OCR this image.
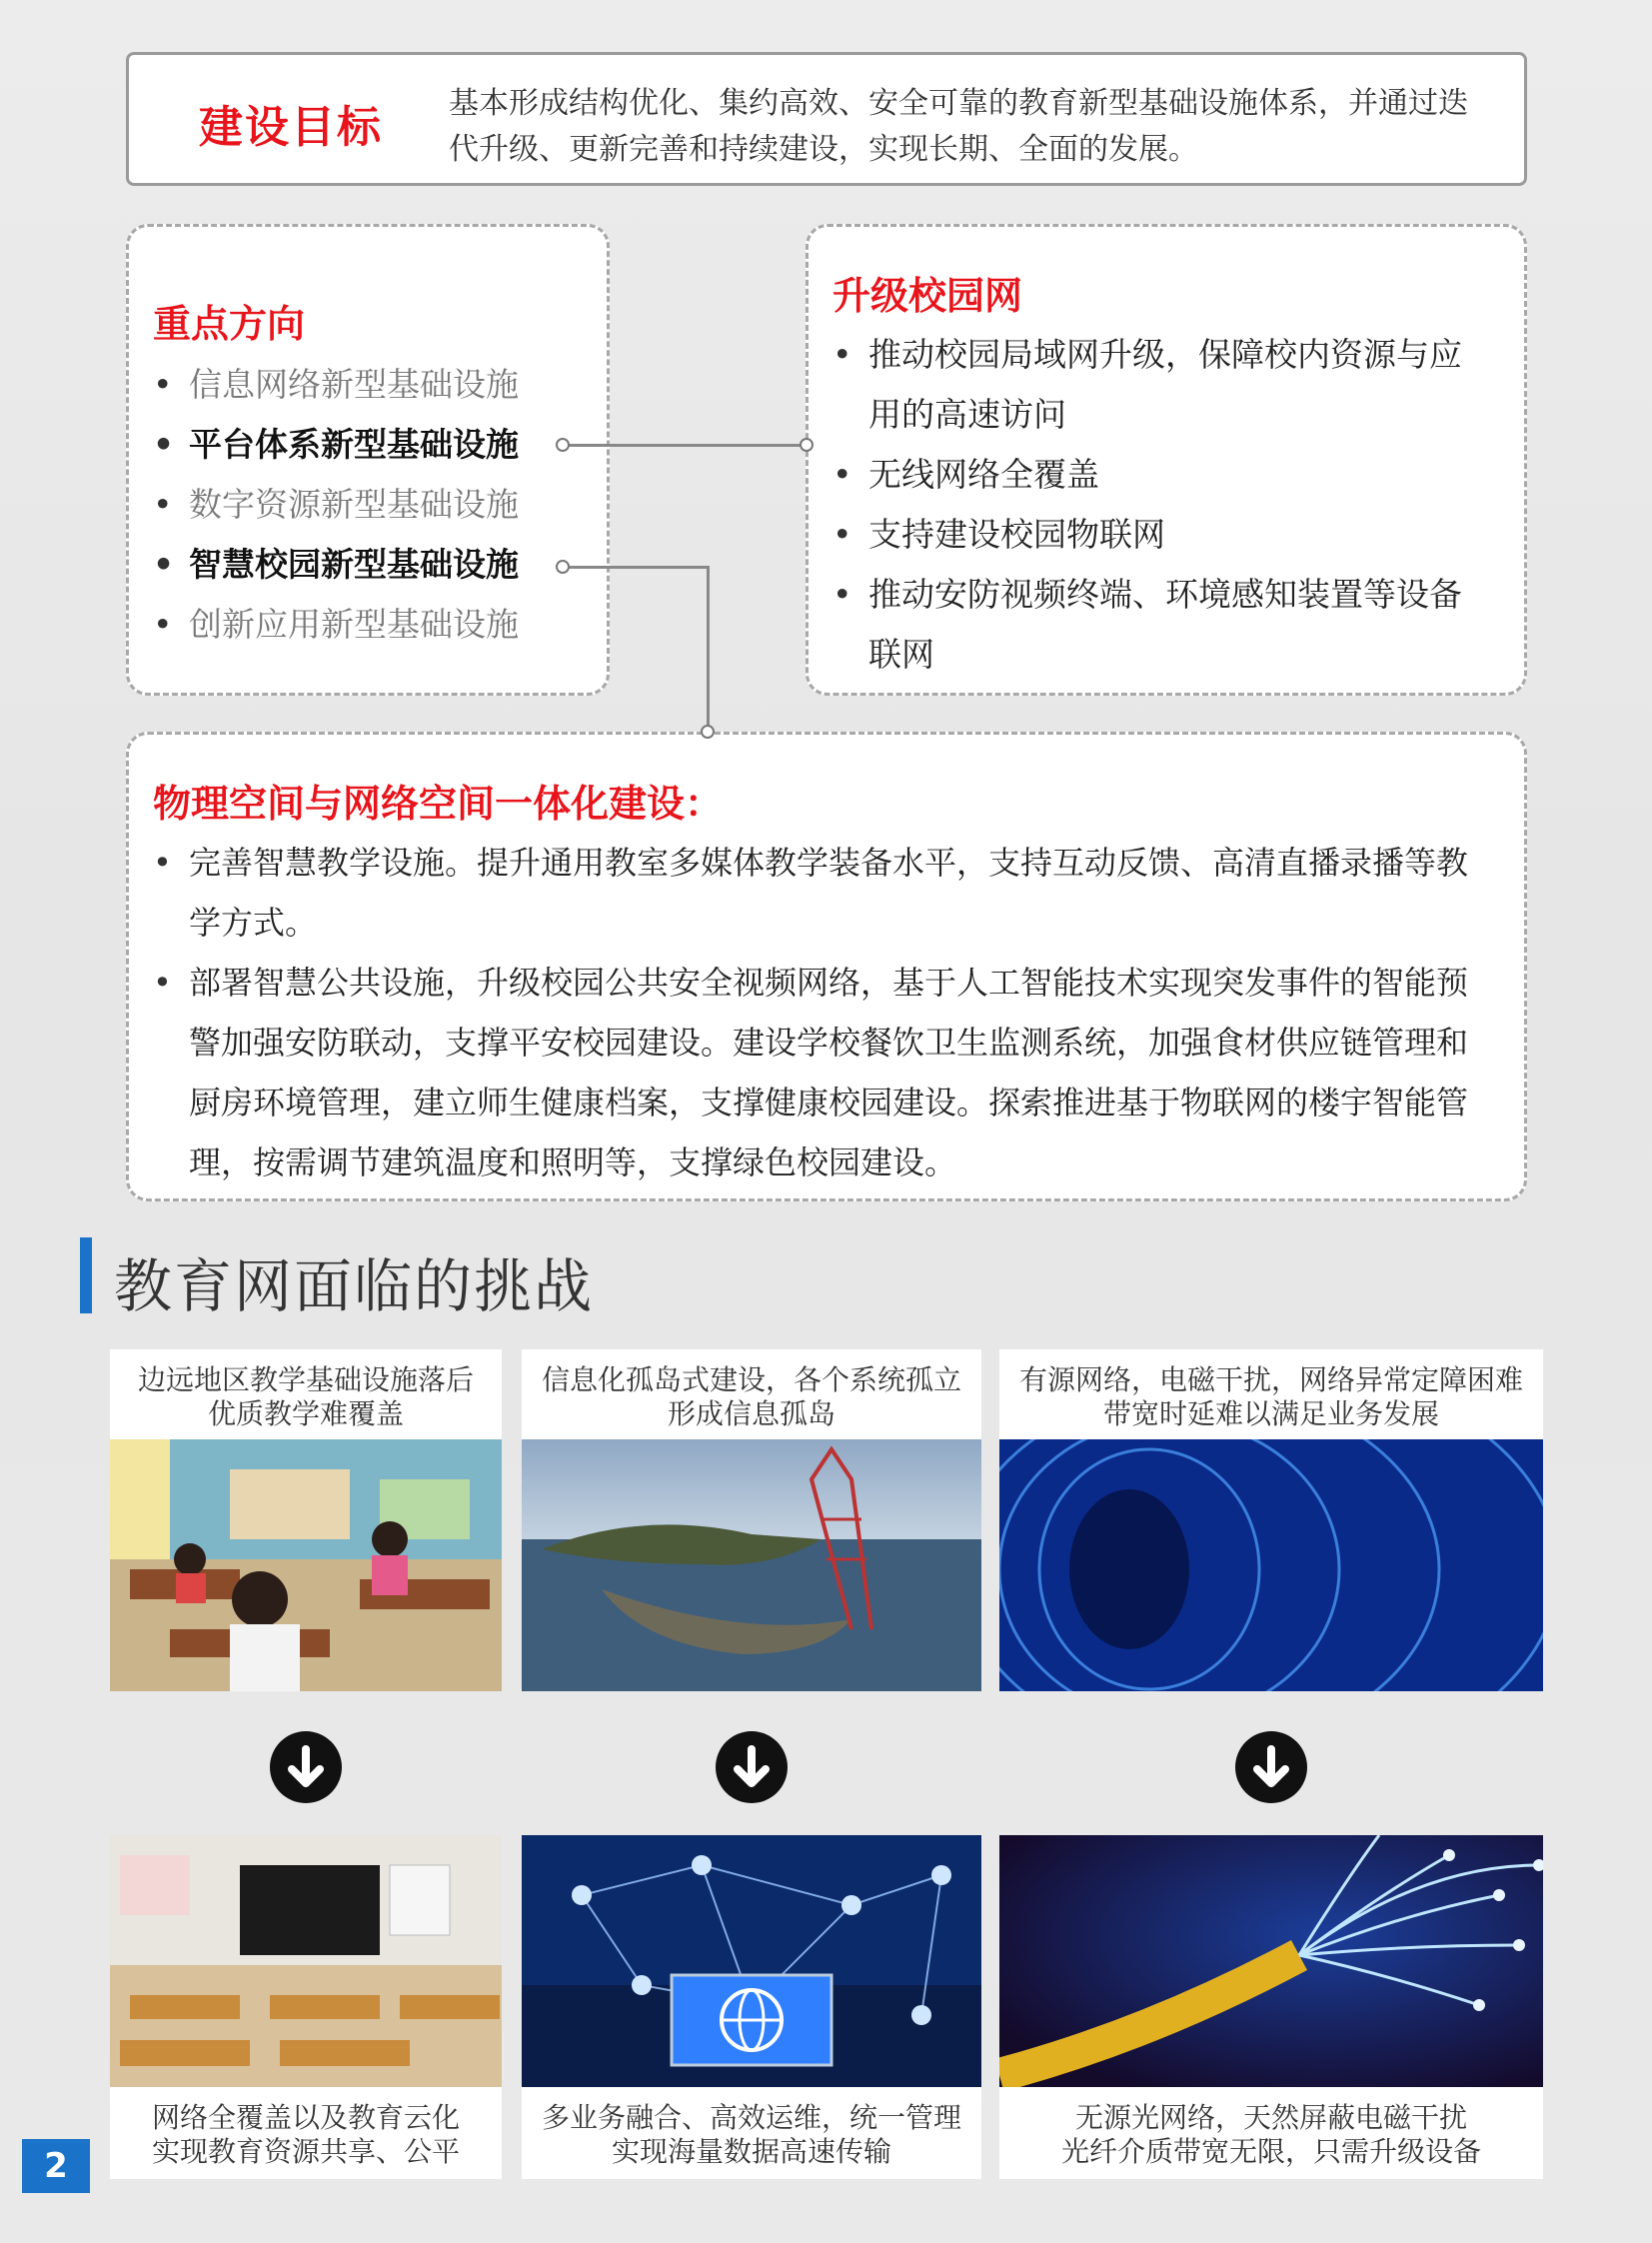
建设目标 基本形成结构优化、集约高效、安全可靠的教育新型基础设施体系，并通过迭代升级、更新完善和持续建设，实现长期、全面的发展。
重点方向
• 信息网络新型基础设施
• 平台体系新型基础设施
• 数字资源新型基础设施
• 智慧校园新型基础设施
• 创新应用新型基础设施
升级校园网
• 推动校园局域网升级，保障校内资源与应用的高速访问
• 无线网络全覆盖
• 支持建设校园物联网
• 推动安防视频终端、环境感知装置等设备联网
物理空间与网络空间一体化建设：
• 完善智慧教学设施。提升通用教室多媒体教学装备水平，支持互动反馈、高清直播录播等教学方式。
• 部署智慧公共设施，升级校园公共安全视频网络，基于人工智能技术实现突发事件的智能预警加强安防联动，支撑平安校园建设。建设学校餐饮卫生监测系统，加强食材供应链管理和厨房环境管理，建立师生健康档案，支撑健康校园建设。探索推进基于物联网的楼宇智能管理，按需调节建筑温度和照明等，支撑绿色校园建设。
教育网面临的挑战
边远地区教学基础设施落后
优质教学难覆盖
网络全覆盖以及教育云化
实现教育资源共享、公平
信息化孤岛式建设，各个系统孤立
形成信息孤岛
多业务融合、高效运维，统一管理
实现海量数据高速传输
有源网络，电磁干扰，网络异常定障困难
带宽时延难以满足业务发展
无源光网络，天然屏蔽电磁干扰
光纤介质带宽无限，只需升级设备
2
